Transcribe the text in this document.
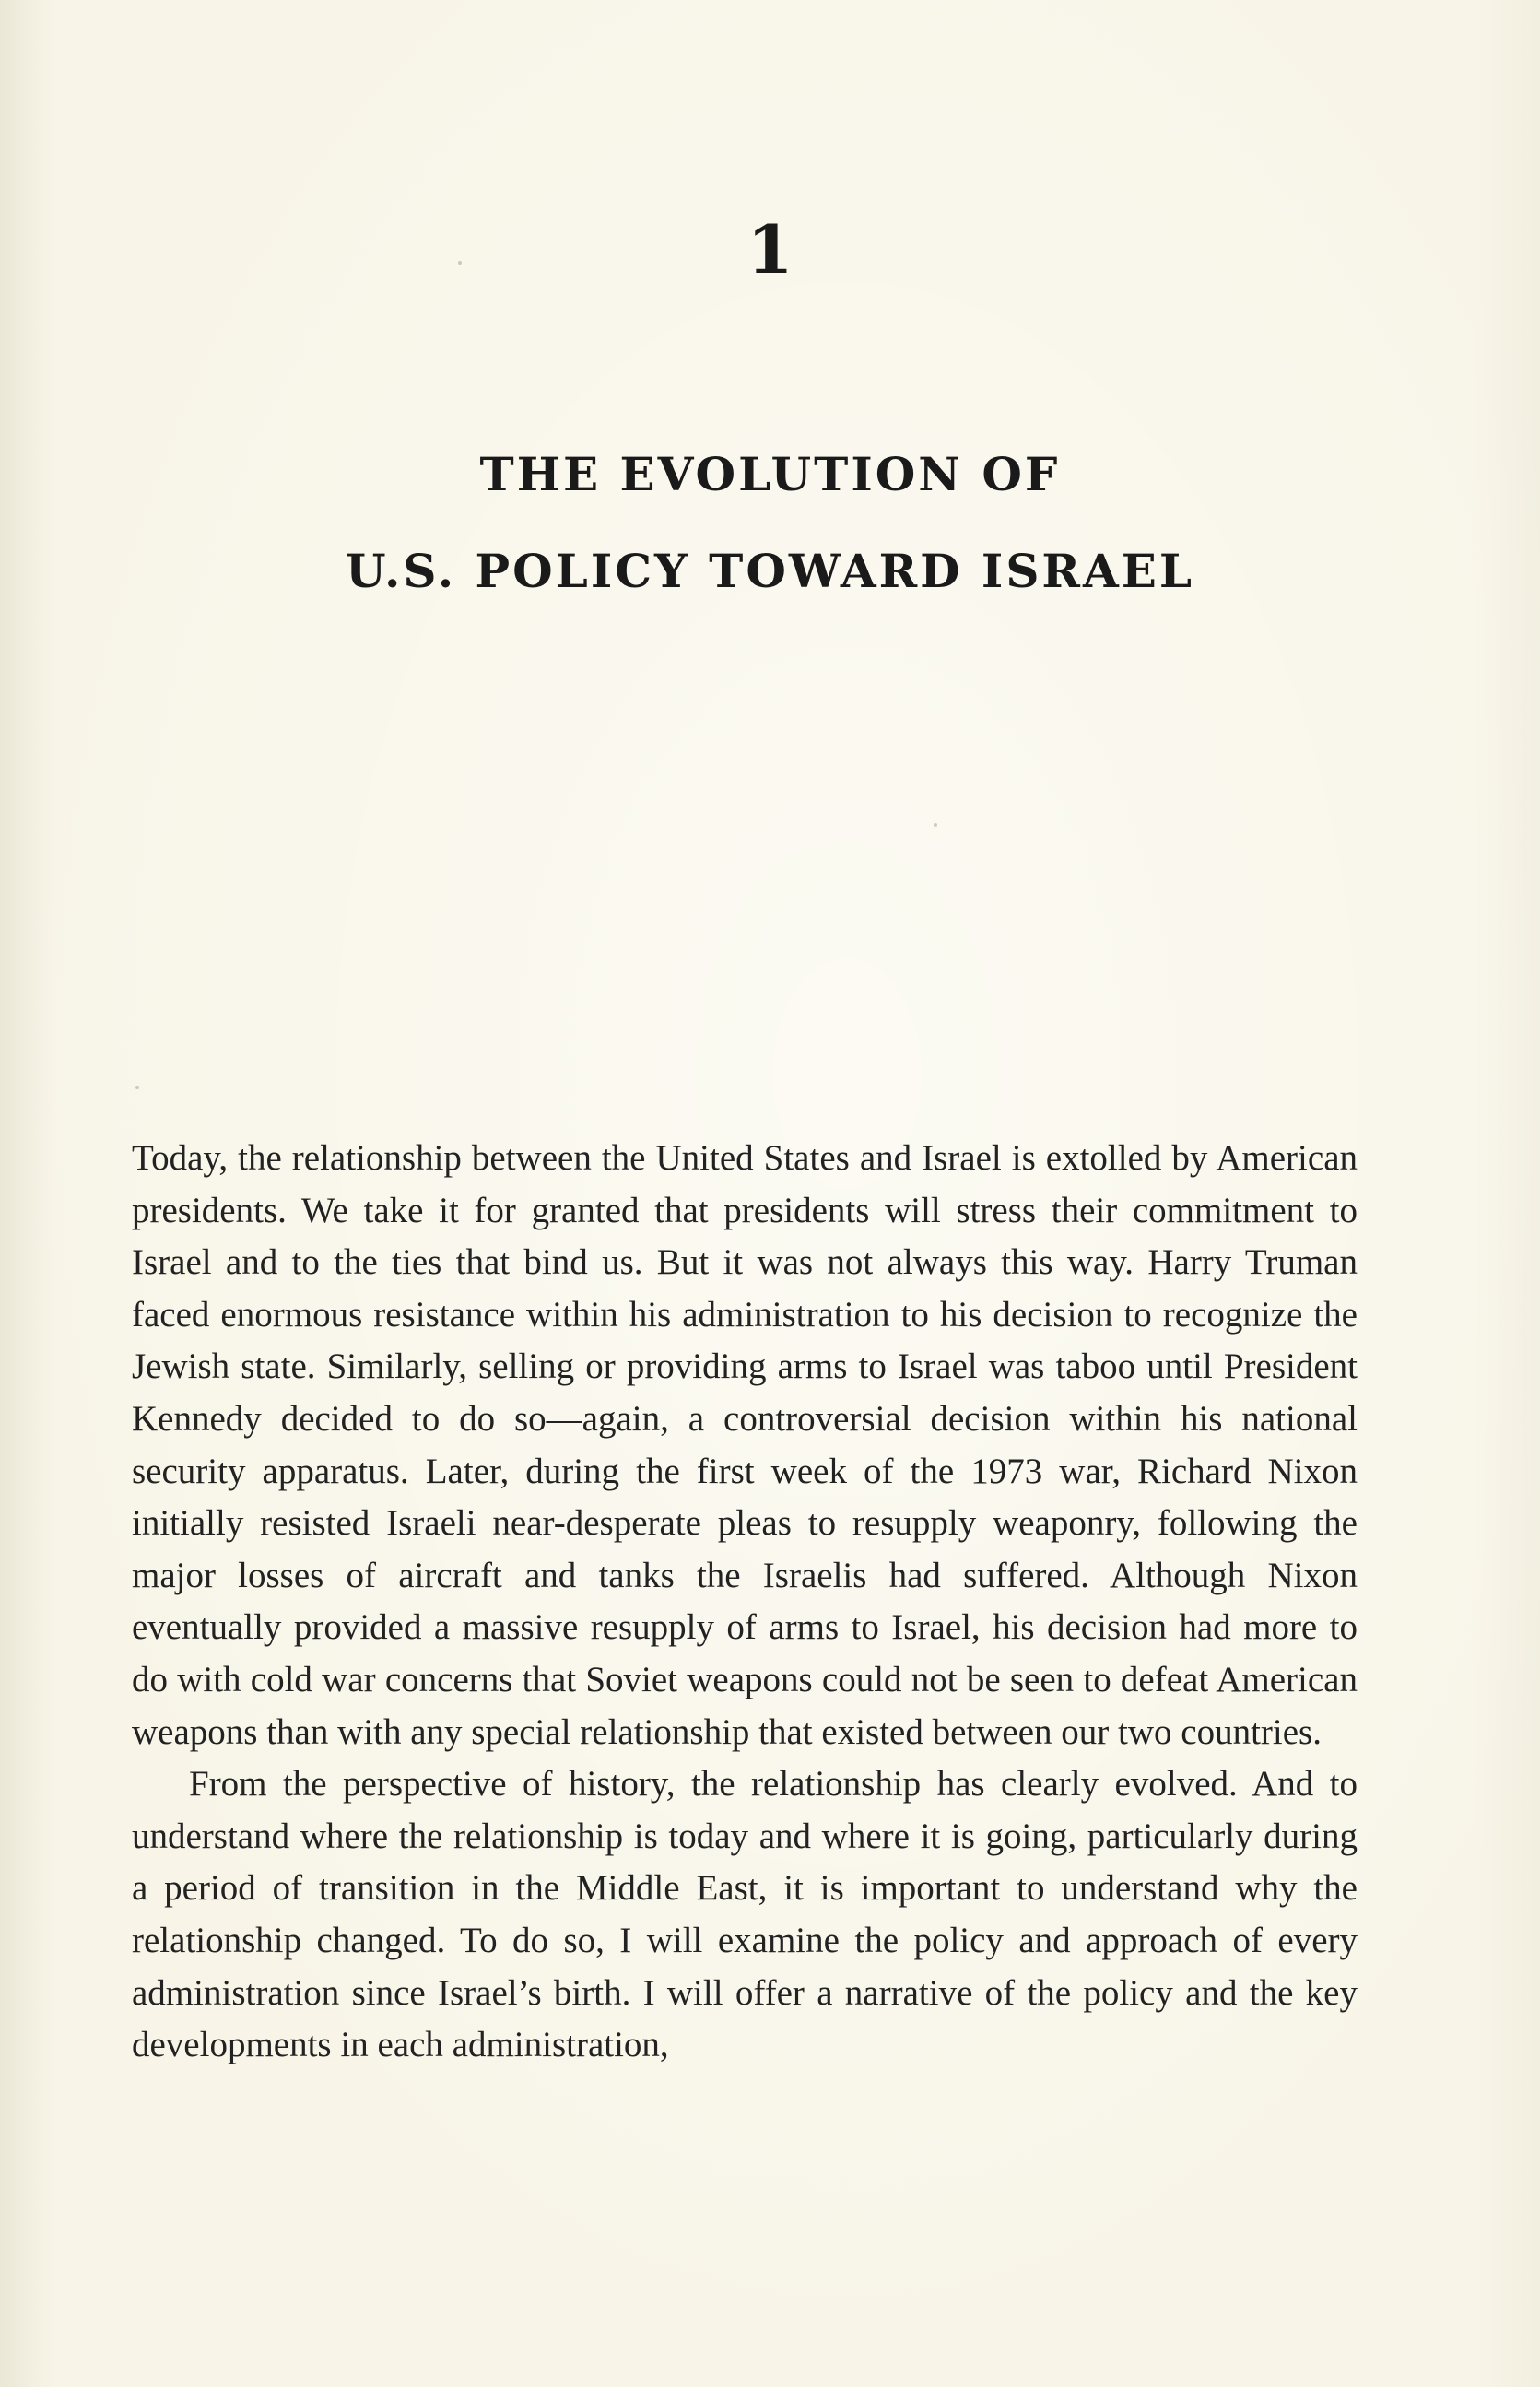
1
THE EVOLUTION OF
U.S. POLICY TOWARD ISRAEL

Today, the relationship between the United States and Israel is extolled by American presidents. We take it for granted that presidents will stress their commitment to Israel and to the ties that bind us. But it was not always this way. Harry Truman faced enormous resistance within his administration to his decision to recognize the Jewish state. Similarly, selling or providing arms to Israel was taboo until President Kennedy decided to do so—again, a controversial decision within his national security apparatus. Later, during the first week of the 1973 war, Richard Nixon initially resisted Israeli near-desperate pleas to resupply weaponry, following the major losses of aircraft and tanks the Israelis had suffered. Although Nixon eventually provided a massive resupply of arms to Israel, his decision had more to do with cold war concerns that Soviet weapons could not be seen to defeat American weapons than with any special relationship that existed between our two countries.

From the perspective of history, the relationship has clearly evolved. And to understand where the relationship is today and where it is going, particularly during a period of transition in the Middle East, it is important to understand why the relationship changed. To do so, I will examine the policy and approach of every administration since Israel’s birth. I will offer a narrative of the policy and the key developments in each administration,
